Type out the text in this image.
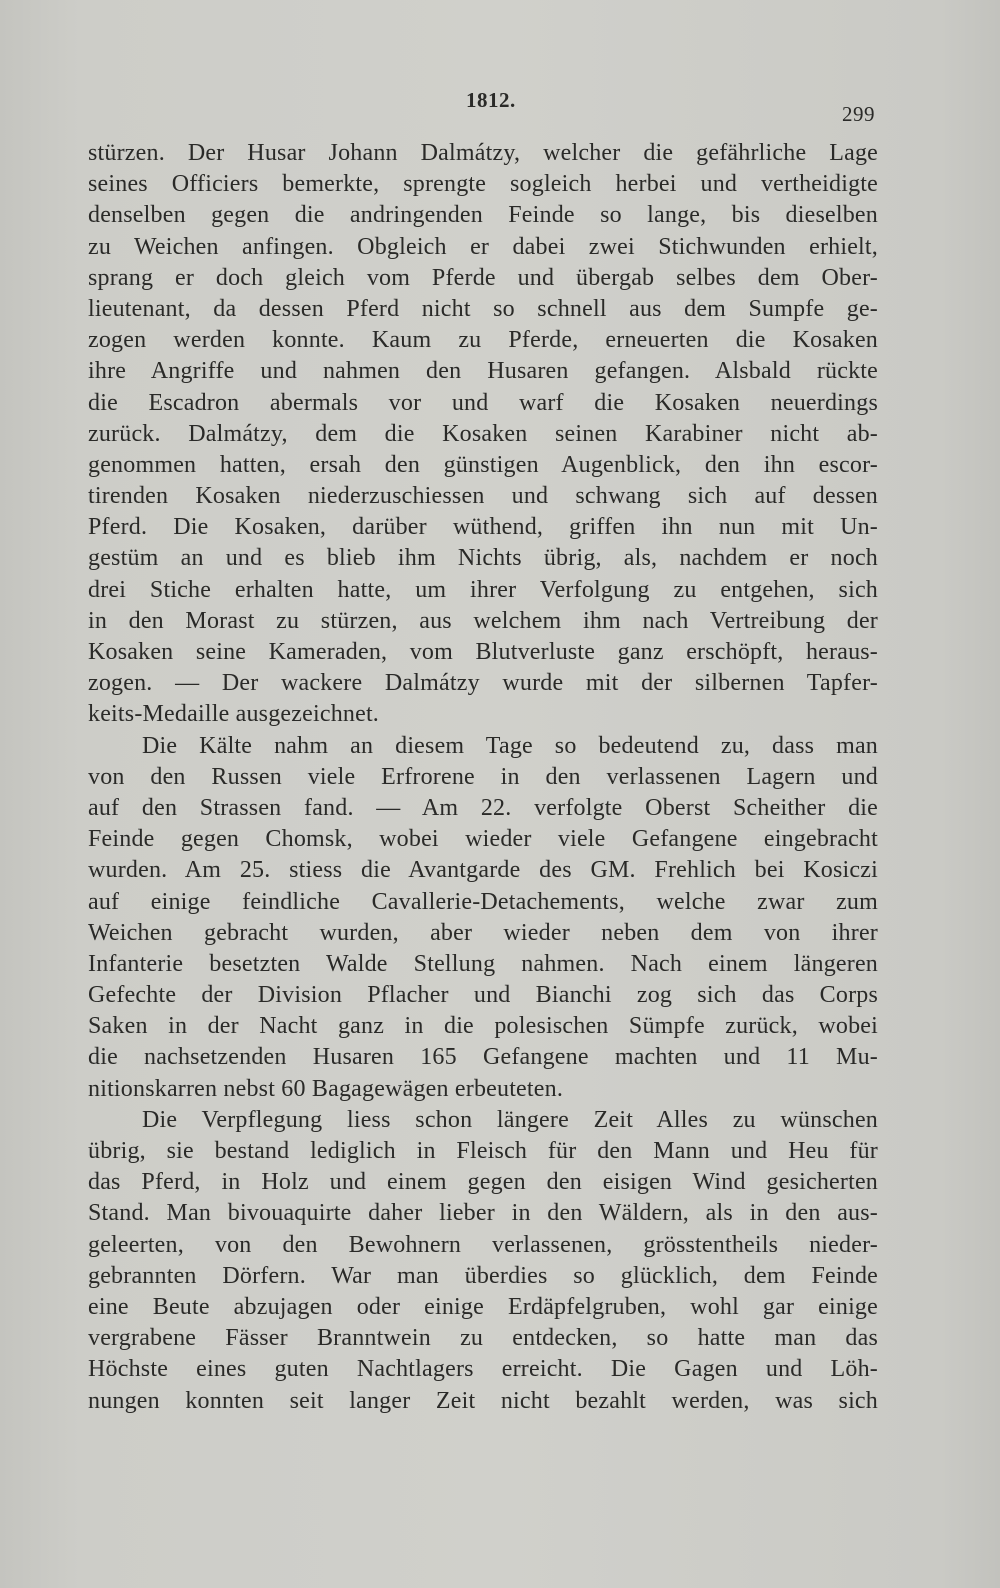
1812.
299
stürzen. Der Husar Johann Dalmátzy, welcher die gefährliche Lage
seines Officiers bemerkte, sprengte sogleich herbei und vertheidigte
denselben gegen die andringenden Feinde so lange, bis dieselben
zu Weichen anfingen. Obgleich er dabei zwei Stichwunden erhielt,
sprang er doch gleich vom Pferde und übergab selbes dem Ober-
lieutenant, da dessen Pferd nicht so schnell aus dem Sumpfe ge-
zogen werden konnte. Kaum zu Pferde, erneuerten die Kosaken
ihre Angriffe und nahmen den Husaren gefangen. Alsbald rückte
die Escadron abermals vor und warf die Kosaken neuerdings
zurück. Dalmátzy, dem die Kosaken seinen Karabiner nicht ab-
genommen hatten, ersah den günstigen Augenblick, den ihn escor-
tirenden Kosaken niederzuschiessen und schwang sich auf dessen
Pferd. Die Kosaken, darüber wüthend, griffen ihn nun mit Un-
gestüm an und es blieb ihm Nichts übrig, als, nachdem er noch
drei Stiche erhalten hatte, um ihrer Verfolgung zu entgehen, sich
in den Morast zu stürzen, aus welchem ihm nach Vertreibung der
Kosaken seine Kameraden, vom Blutverluste ganz erschöpft, heraus-
zogen. — Der wackere Dalmátzy wurde mit der silbernen Tapfer-
keits-Medaille ausgezeichnet.
Die Kälte nahm an diesem Tage so bedeutend zu, dass man
von den Russen viele Erfrorene in den verlassenen Lagern und
auf den Strassen fand. — Am 22. verfolgte Oberst Scheither die
Feinde gegen Chomsk, wobei wieder viele Gefangene eingebracht
wurden. Am 25. stiess die Avantgarde des GM. Frehlich bei Kosiczi
auf einige feindliche Cavallerie-Detachements, welche zwar zum
Weichen gebracht wurden, aber wieder neben dem von ihrer
Infanterie besetzten Walde Stellung nahmen. Nach einem längeren
Gefechte der Division Pflacher und Bianchi zog sich das Corps
Saken in der Nacht ganz in die polesischen Sümpfe zurück, wobei
die nachsetzenden Husaren 165 Gefangene machten und 11 Mu-
nitionskarren nebst 60 Bagagewägen erbeuteten.
Die Verpflegung liess schon längere Zeit Alles zu wünschen
übrig, sie bestand lediglich in Fleisch für den Mann und Heu für
das Pferd, in Holz und einem gegen den eisigen Wind gesicherten
Stand. Man bivouaquirte daher lieber in den Wäldern, als in den aus-
geleerten, von den Bewohnern verlassenen, grösstentheils nieder-
gebrannten Dörfern. War man überdies so glücklich, dem Feinde
eine Beute abzujagen oder einige Erdäpfelgruben, wohl gar einige
vergrabene Fässer Branntwein zu entdecken, so hatte man das
Höchste eines guten Nachtlagers erreicht. Die Gagen und Löh-
nungen konnten seit langer Zeit nicht bezahlt werden, was sich
